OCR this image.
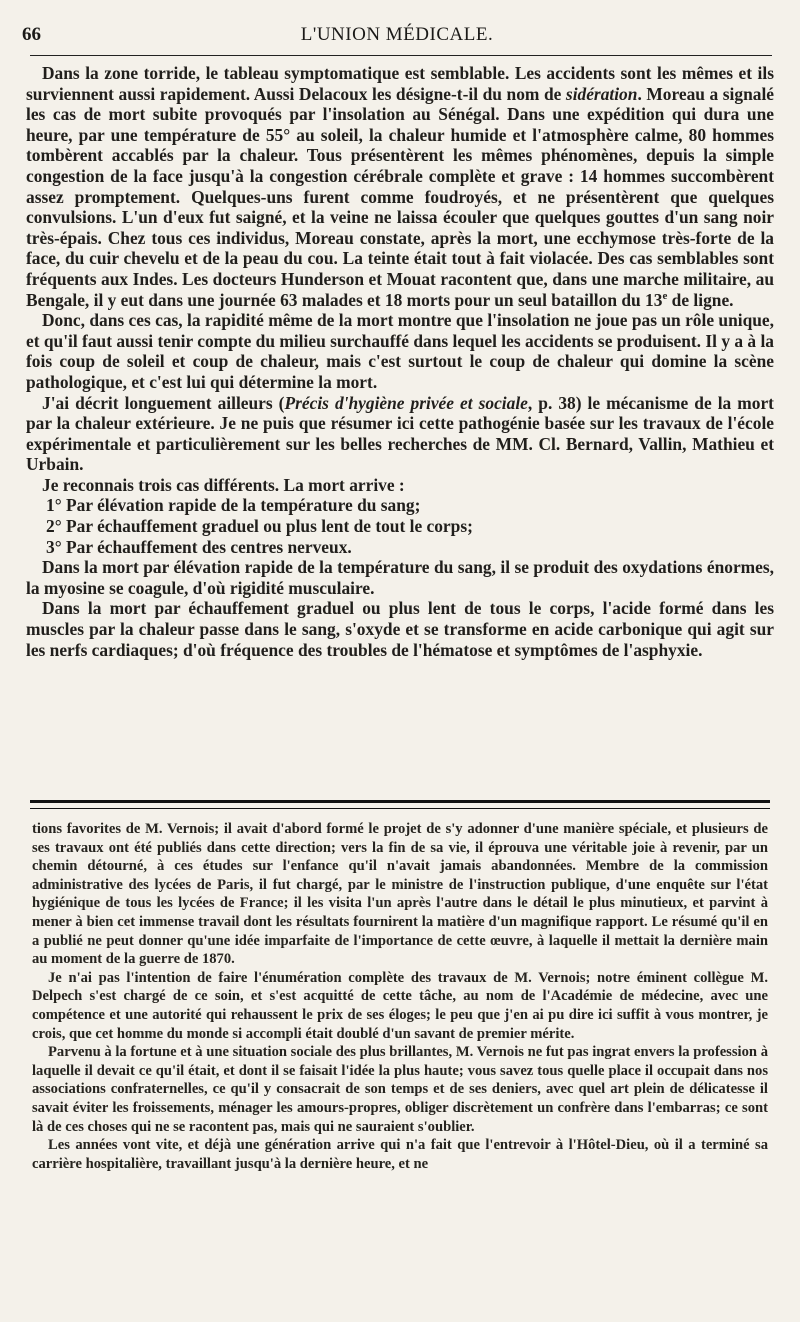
66	L'UNION MÉDICALE.

Dans la zone torride, le tableau symptomatique est semblable. Les accidents sont les mêmes et ils surviennent aussi rapidement. Aussi Delacoux les désigne-t-il du nom de sidération. Moreau a signalé les cas de mort subite provoqués par l'insolation au Sénégal. Dans une expédition qui dura une heure, par une température de 55° au soleil, la chaleur humide et l'atmosphère calme, 80 hommes tombèrent accablés par la chaleur. Tous présentèrent les mêmes phénomènes, depuis la simple congestion de la face jusqu'à la congestion cérébrale complète et grave : 14 hommes succombèrent assez promptement. Quelques-uns furent comme foudroyés, et ne présentèrent que quelques convulsions. L'un d'eux fut saigné, et la veine ne laissa écouler que quelques gouttes d'un sang noir très-épais. Chez tous ces individus, Moreau constate, après la mort, une ecchymose très-forte de la face, du cuir chevelu et de la peau du cou. La teinte était tout à fait violacée. Des cas semblables sont fréquents aux Indes. Les docteurs Hunderson et Mouat racontent que, dans une marche militaire, au Bengale, il y eut dans une journée 63 malades et 18 morts pour un seul bataillon du 13e de ligne.

Donc, dans ces cas, la rapidité même de la mort montre que l'insolation ne joue pas un rôle unique, et qu'il faut aussi tenir compte du milieu surchauffé dans lequel les accidents se produisent. Il y a à la fois coup de soleil et coup de chaleur, mais c'est surtout le coup de chaleur qui domine la scène pathologique, et c'est lui qui détermine la mort.

J'ai décrit longuement ailleurs (Précis d'hygiène privée et sociale, p. 38) le mécanisme de la mort par la chaleur extérieure. Je ne puis que résumer ici cette pathogénie basée sur les travaux de l'école expérimentale et particulièrement sur les belles recherches de MM. Cl. Bernard, Vallin, Mathieu et Urbain.

Je reconnais trois cas différents. La mort arrive :

1° Par élévation rapide de la température du sang;

2° Par échauffement graduel ou plus lent de tout le corps;

3° Par échauffement des centres nerveux.

Dans la mort par élévation rapide de la température du sang, il se produit des oxydations énormes, la myosine se coagule, d'où rigidité musculaire.

Dans la mort par échauffement graduel ou plus lent de tous le corps, l'acide formé dans les muscles par la chaleur passe dans le sang, s'oxyde et se transforme en acide carbonique qui agit sur les nerfs cardiaques; d'où fréquence des troubles de l'hématose et symptômes de l'asphyxie.

tions favorites de M. Vernois; il avait d'abord formé le projet de s'y adonner d'une manière spéciale, et plusieurs de ses travaux ont été publiés dans cette direction; vers la fin de sa vie, il éprouva une véritable joie à revenir, par un chemin détourné, à ces études sur l'enfance qu'il n'avait jamais abandonnées. Membre de la commission administrative des lycées de Paris, il fut chargé, par le ministre de l'instruction publique, d'une enquête sur l'état hygiénique de tous les lycées de France; il les visita l'un après l'autre dans le détail le plus minutieux, et parvint à mener à bien cet immense travail dont les résultats fournirent la matière d'un magnifique rapport. Le résumé qu'il en a publié ne peut donner qu'une idée imparfaite de l'importance de cette œuvre, à laquelle il mettait la dernière main au moment de la guerre de 1870.

Je n'ai pas l'intention de faire l'énumération complète des travaux de M. Vernois; notre éminent collègue M. Delpech s'est chargé de ce soin, et s'est acquitté de cette tâche, au nom de l'Académie de médecine, avec une compétence et une autorité qui rehaussent le prix de ses éloges; le peu que j'en ai pu dire ici suffit à vous montrer, je crois, que cet homme du monde si accompli était doublé d'un savant de premier mérite.

Parvenu à la fortune et à une situation sociale des plus brillantes, M. Vernois ne fut pas ingrat envers la profession à laquelle il devait ce qu'il était, et dont il se faisait l'idée la plus haute; vous savez tous quelle place il occupait dans nos associations confraternelles, ce qu'il y consacrait de son temps et de ses deniers, avec quel art plein de délicatesse il savait éviter les froissements, ménager les amours-propres, obliger discrètement un confrère dans l'embarras; ce sont là de ces choses qui ne se racontent pas, mais qui ne sauraient s'oublier.

Les années vont vite, et déjà une génération arrive qui n'a fait que l'entrevoir à l'Hôtel-Dieu, où il a terminé sa carrière hospitalière, travaillant jusqu'à la dernière heure, et ne
